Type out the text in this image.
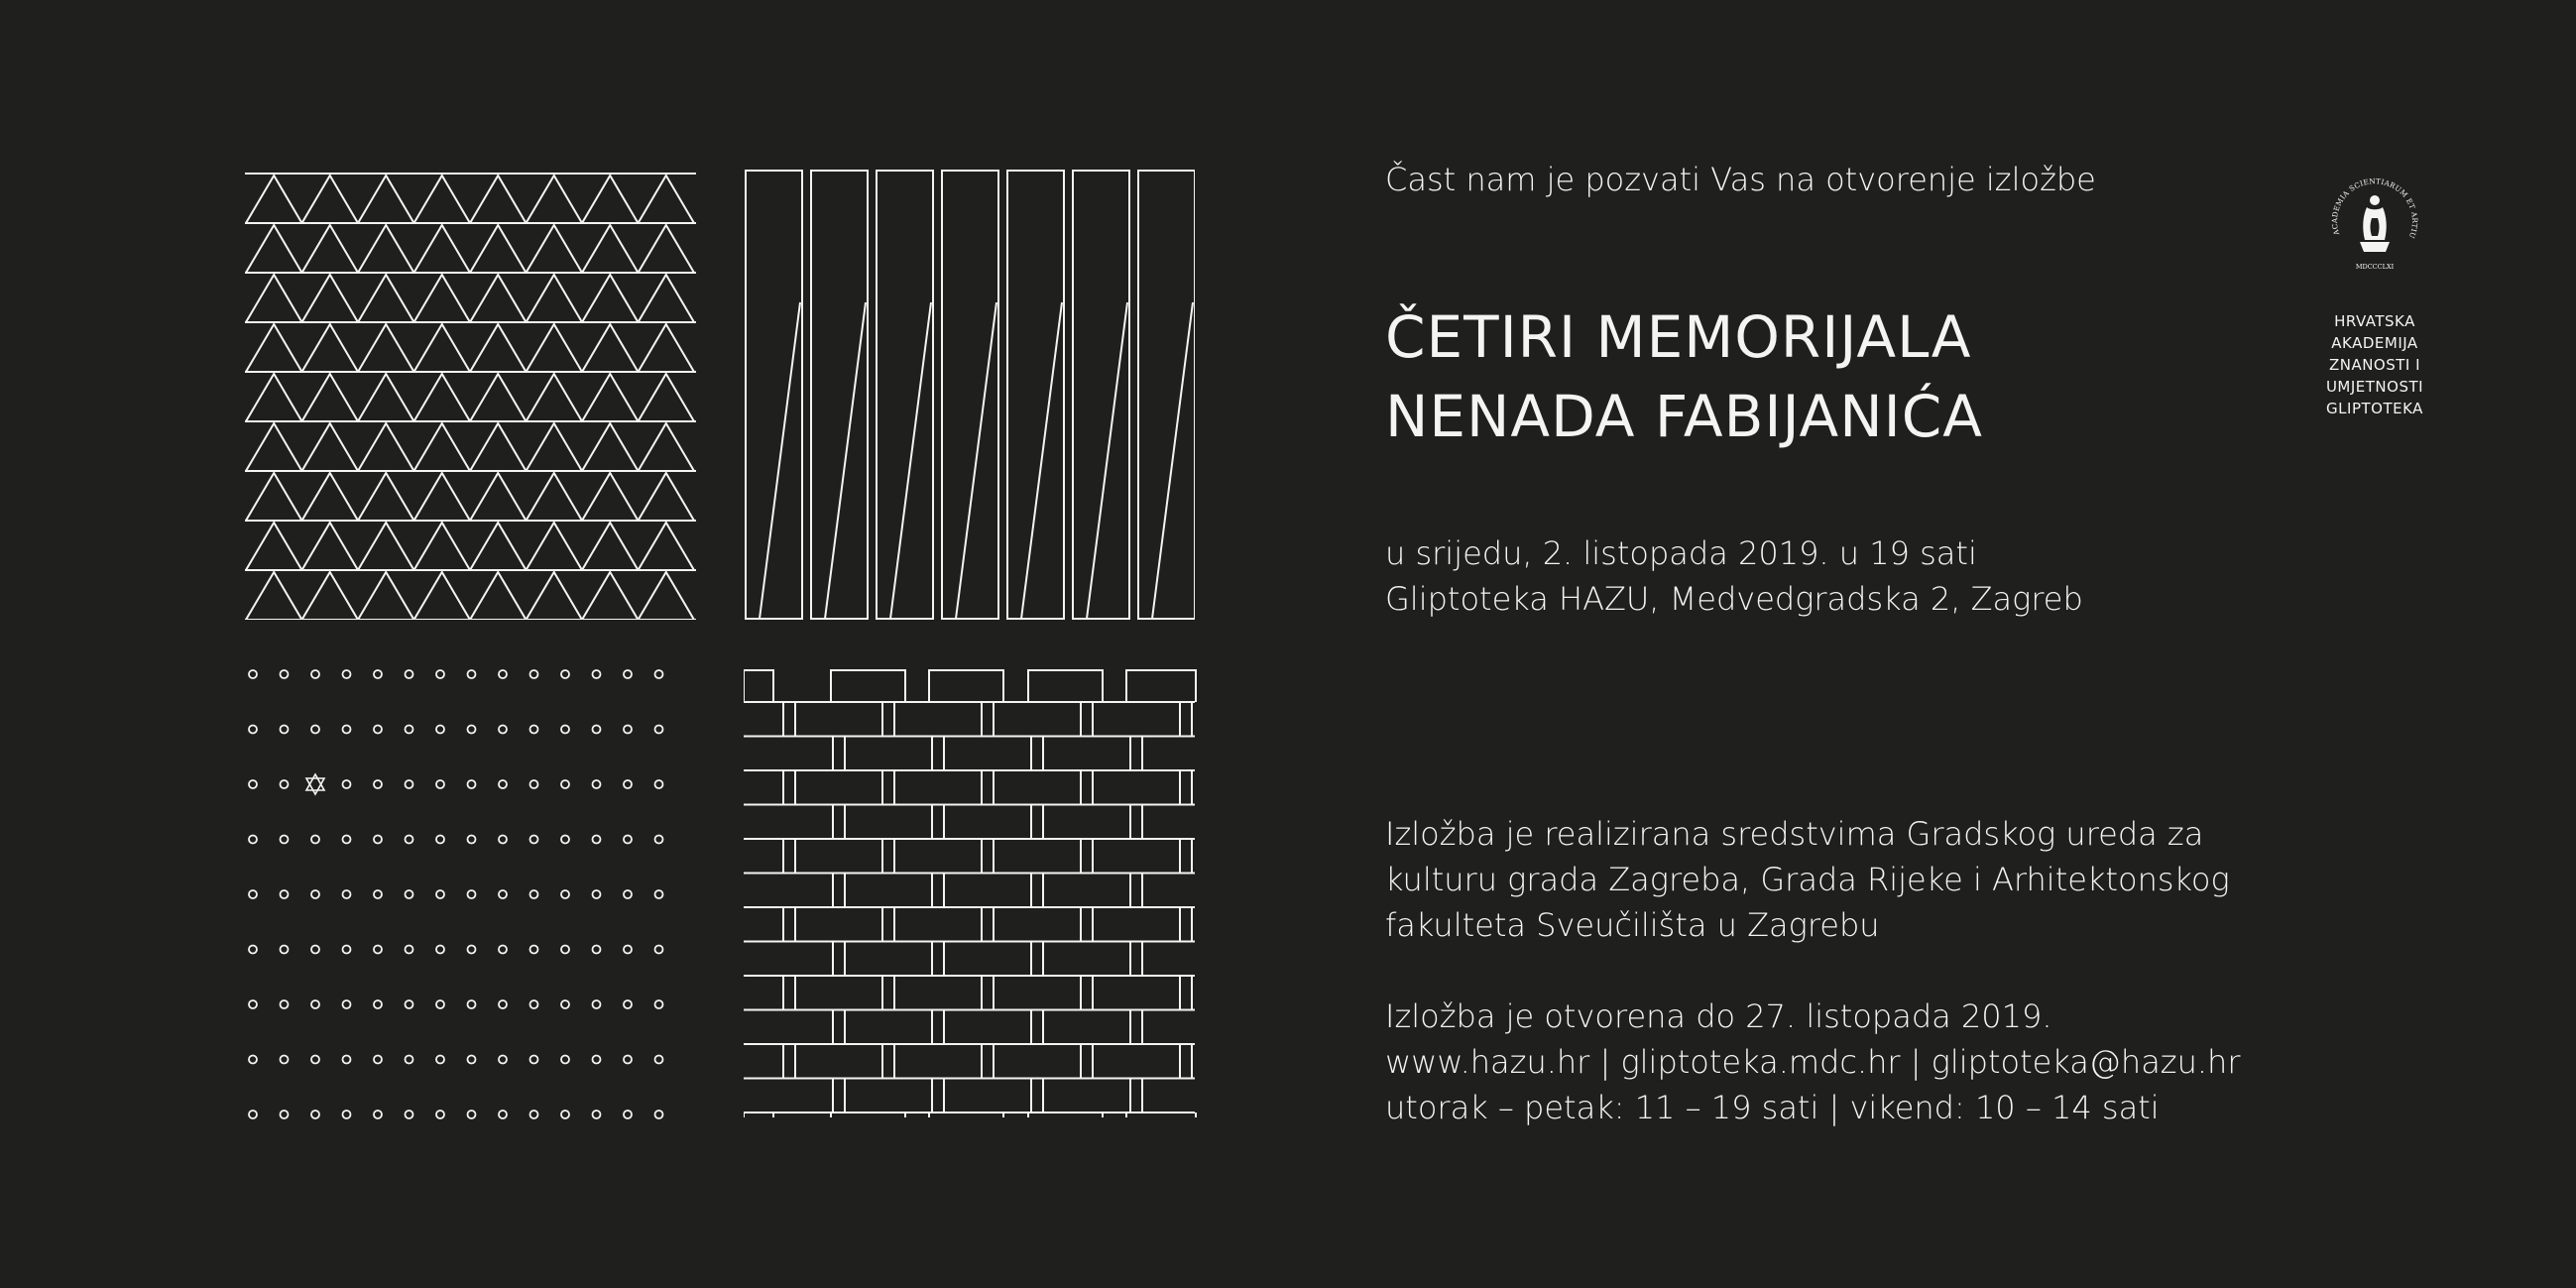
Čast nam je pozvati Vas na otvorenje izložbe
ČETIRI MEMORIJALA
NENADA FABIJANIĆA
u srijedu, 2. listopada 2019. u 19 sati
Gliptoteka HAZU, Medvedgradska 2, Zagreb
Izložba je realizirana sredstvima Gradskog ureda za
kulturu grada Zagreba, Grada Rijeke i Arhitektonskog
fakulteta Sveučilišta u Zagrebu
Izložba je otvorena do 27. listopada 2019.
www.hazu.hr | gliptoteka.mdc.hr | gliptoteka@hazu.hr
utorak – petak: 11 – 19 sati | vikend: 10 – 14 sati
ACADEMIA SCIENTIARUM ET ARTIU
MDCCCLXI
HRVATSKA
AKADEMIJA
ZNANOSTI I
UMJETNOSTI
GLIPTOTEKA
